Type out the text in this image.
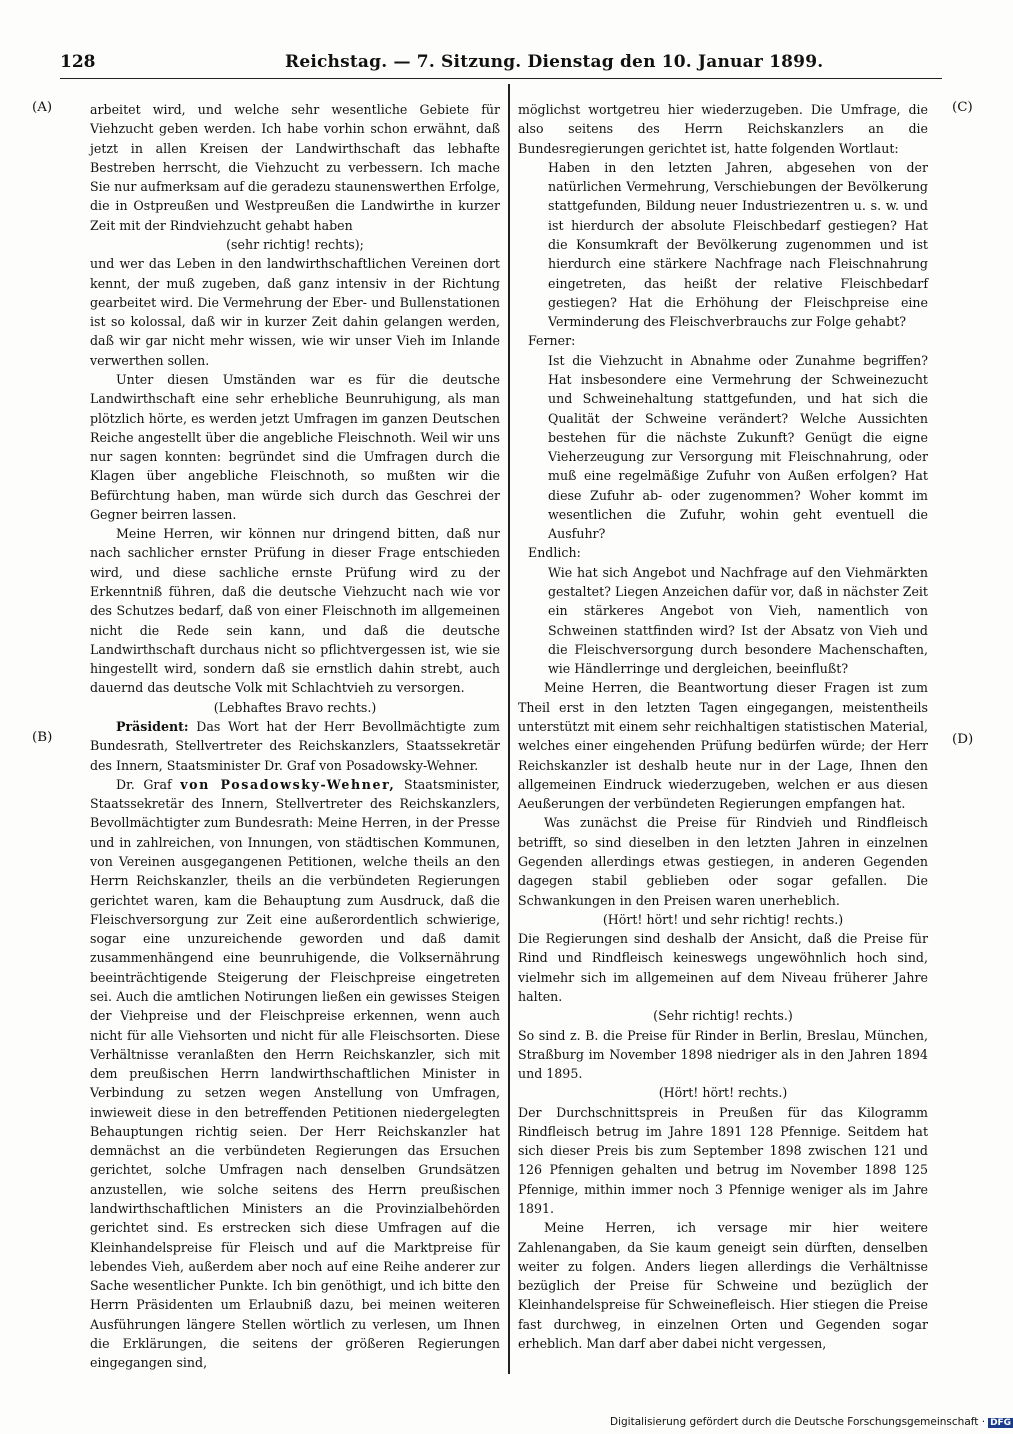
128	Reichstag. — 7. Sitzung. Dienstag den 10. Januar 1899.
(A)
(B)
(C)
(D)

arbeitet wird, und welche sehr wesentliche Gebiete für Viehzucht geben werden. Ich habe vorhin schon erwähnt, daß jetzt in allen Kreisen der Landwirthschaft das lebhafte Bestreben herrscht, die Viehzucht zu verbessern. Ich mache Sie nur aufmerksam auf die geradezu staunenswerthen Erfolge, die in Ostpreußen und Westpreußen die Landwirthe in kurzer Zeit mit der Rindviehzucht gehabt haben

(sehr richtig! rechts);

und wer das Leben in den landwirthschaftlichen Vereinen dort kennt, der muß zugeben, daß ganz intensiv in der Richtung gearbeitet wird. Die Vermehrung der Eber- und Bullenstationen ist so kolossal, daß wir in kurzer Zeit dahin gelangen werden, daß wir gar nicht mehr wissen, wie wir unser Vieh im Inlande verwerthen sollen.

Unter diesen Umständen war es für die deutsche Landwirthschaft eine sehr erhebliche Beunruhigung, als man plötzlich hörte, es werden jetzt Umfragen im ganzen Deutschen Reiche angestellt über die angebliche Fleischnoth. Weil wir uns nur sagen konnten: begründet sind die Umfragen durch die Klagen über angebliche Fleischnoth, so mußten wir die Befürchtung haben, man würde sich durch das Geschrei der Gegner beirren lassen.

Meine Herren, wir können nur dringend bitten, daß nur nach sachlicher ernster Prüfung in dieser Frage entschieden wird, und diese sachliche ernste Prüfung wird zu der Erkenntniß führen, daß die deutsche Viehzucht nach wie vor des Schutzes bedarf, daß von einer Fleischnoth im allgemeinen nicht die Rede sein kann, und daß die deutsche Landwirthschaft durchaus nicht so pflichtvergessen ist, wie sie hingestellt wird, sondern daß sie ernstlich dahin strebt, auch dauernd das deutsche Volk mit Schlachtvieh zu versorgen.

(Lebhaftes Bravo rechts.)

Präsident: Das Wort hat der Herr Bevollmächtigte zum Bundesrath, Stellvertreter des Reichskanzlers, Staatssekretär des Innern, Staatsminister Dr. Graf von Posadowsky-Wehner.

Dr. Graf von Posadowsky-Wehner, Staatsminister, Staatssekretär des Innern, Stellvertreter des Reichskanzlers, Bevollmächtigter zum Bundesrath: Meine Herren, in der Presse und in zahlreichen, von Innungen, von städtischen Kommunen, von Vereinen ausgegangenen Petitionen, welche theils an den Herrn Reichskanzler, theils an die verbündeten Regierungen gerichtet waren, kam die Behauptung zum Ausdruck, daß die Fleischversorgung zur Zeit eine außerordentlich schwierige, sogar eine unzureichende geworden und daß damit zusammenhängend eine beunruhigende, die Volksernährung beeinträchtigende Steigerung der Fleischpreise eingetreten sei. Auch die amtlichen Notirungen ließen ein gewisses Steigen der Viehpreise und der Fleischpreise erkennen, wenn auch nicht für alle Viehsorten und nicht für alle Fleischsorten. Diese Verhältnisse veranlaßten den Herrn Reichskanzler, sich mit dem preußischen Herrn landwirthschaftlichen Minister in Verbindung zu setzen wegen Anstellung von Umfragen, inwieweit diese in den betreffenden Petitionen niedergelegten Behauptungen richtig seien. Der Herr Reichskanzler hat demnächst an die verbündeten Regierungen das Ersuchen gerichtet, solche Umfragen nach denselben Grundsätzen anzustellen, wie solche seitens des Herrn preußischen landwirthschaftlichen Ministers an die Provinzialbehörden gerichtet sind. Es erstrecken sich diese Umfragen auf die Kleinhandelspreise für Fleisch und auf die Marktpreise für lebendes Vieh, außerdem aber noch auf eine Reihe anderer zur Sache wesentlicher Punkte. Ich bin genöthigt, und ich bitte den Herrn Präsidenten um Erlaubniß dazu, bei meinen weiteren Ausführungen längere Stellen wörtlich zu verlesen, um Ihnen die Erklärungen, die seitens der größeren Regierungen eingegangen sind,

möglichst wortgetreu hier wiederzugeben. Die Umfrage, die also seitens des Herrn Reichskanzlers an die Bundesregierungen gerichtet ist, hatte folgenden Wortlaut:

Haben in den letzten Jahren, abgesehen von der natürlichen Vermehrung, Verschiebungen der Bevölkerung stattgefunden, Bildung neuer Industriezentren u. s. w. und ist hierdurch der absolute Fleischbedarf gestiegen? Hat die Konsumkraft der Bevölkerung zugenommen und ist hierdurch eine stärkere Nachfrage nach Fleischnahrung eingetreten, das heißt der relative Fleischbedarf gestiegen? Hat die Erhöhung der Fleischpreise eine Verminderung des Fleischverbrauchs zur Folge gehabt?

Ferner:

Ist die Viehzucht in Abnahme oder Zunahme begriffen? Hat insbesondere eine Vermehrung der Schweinezucht und Schweinehaltung stattgefunden, und hat sich die Qualität der Schweine verändert? Welche Aussichten bestehen für die nächste Zukunft? Genügt die eigne Vieherzeugung zur Versorgung mit Fleischnahrung, oder muß eine regelmäßige Zufuhr von Außen erfolgen? Hat diese Zufuhr ab- oder zugenommen? Woher kommt im wesentlichen die Zufuhr, wohin geht eventuell die Ausfuhr?

Endlich:

Wie hat sich Angebot und Nachfrage auf den Viehmärkten gestaltet? Liegen Anzeichen dafür vor, daß in nächster Zeit ein stärkeres Angebot von Vieh, namentlich von Schweinen stattfinden wird? Ist der Absatz von Vieh und die Fleischversorgung durch besondere Machenschaften, wie Händlerringe und dergleichen, beeinflußt?

Meine Herren, die Beantwortung dieser Fragen ist zum Theil erst in den letzten Tagen eingegangen, meistentheils unterstützt mit einem sehr reichhaltigen statistischen Material, welches einer eingehenden Prüfung bedürfen würde; der Herr Reichskanzler ist deshalb heute nur in der Lage, Ihnen den allgemeinen Eindruck wiederzugeben, welchen er aus diesen Aeußerungen der verbündeten Regierungen empfangen hat.

Was zunächst die Preise für Rindvieh und Rindfleisch betrifft, so sind dieselben in den letzten Jahren in einzelnen Gegenden allerdings etwas gestiegen, in anderen Gegenden dagegen stabil geblieben oder sogar gefallen. Die Schwankungen in den Preisen waren unerheblich.

(Hört! hört! und sehr richtig! rechts.)

Die Regierungen sind deshalb der Ansicht, daß die Preise für Rind und Rindfleisch keineswegs ungewöhnlich hoch sind, vielmehr sich im allgemeinen auf dem Niveau früherer Jahre halten.

(Sehr richtig! rechts.)

So sind z. B. die Preise für Rinder in Berlin, Breslau, München, Straßburg im November 1898 niedriger als in den Jahren 1894 und 1895.

(Hört! hört! rechts.)

Der Durchschnittspreis in Preußen für das Kilogramm Rindfleisch betrug im Jahre 1891 128 Pfennige. Seitdem hat sich dieser Preis bis zum September 1898 zwischen 121 und 126 Pfennigen gehalten und betrug im November 1898 125 Pfennige, mithin immer noch 3 Pfennige weniger als im Jahre 1891.

Meine Herren, ich versage mir hier weitere Zahlenangaben, da Sie kaum geneigt sein dürften, denselben weiter zu folgen. Anders liegen allerdings die Verhältnisse bezüglich der Preise für Schweine und bezüglich der Kleinhandelspreise für Schweinefleisch. Hier stiegen die Preise fast durchweg, in einzelnen Orten und Gegenden sogar erheblich. Man darf aber dabei nicht vergessen,

Digitalisierung gefördert durch die Deutsche Forschungsgemeinschaft · DFG
